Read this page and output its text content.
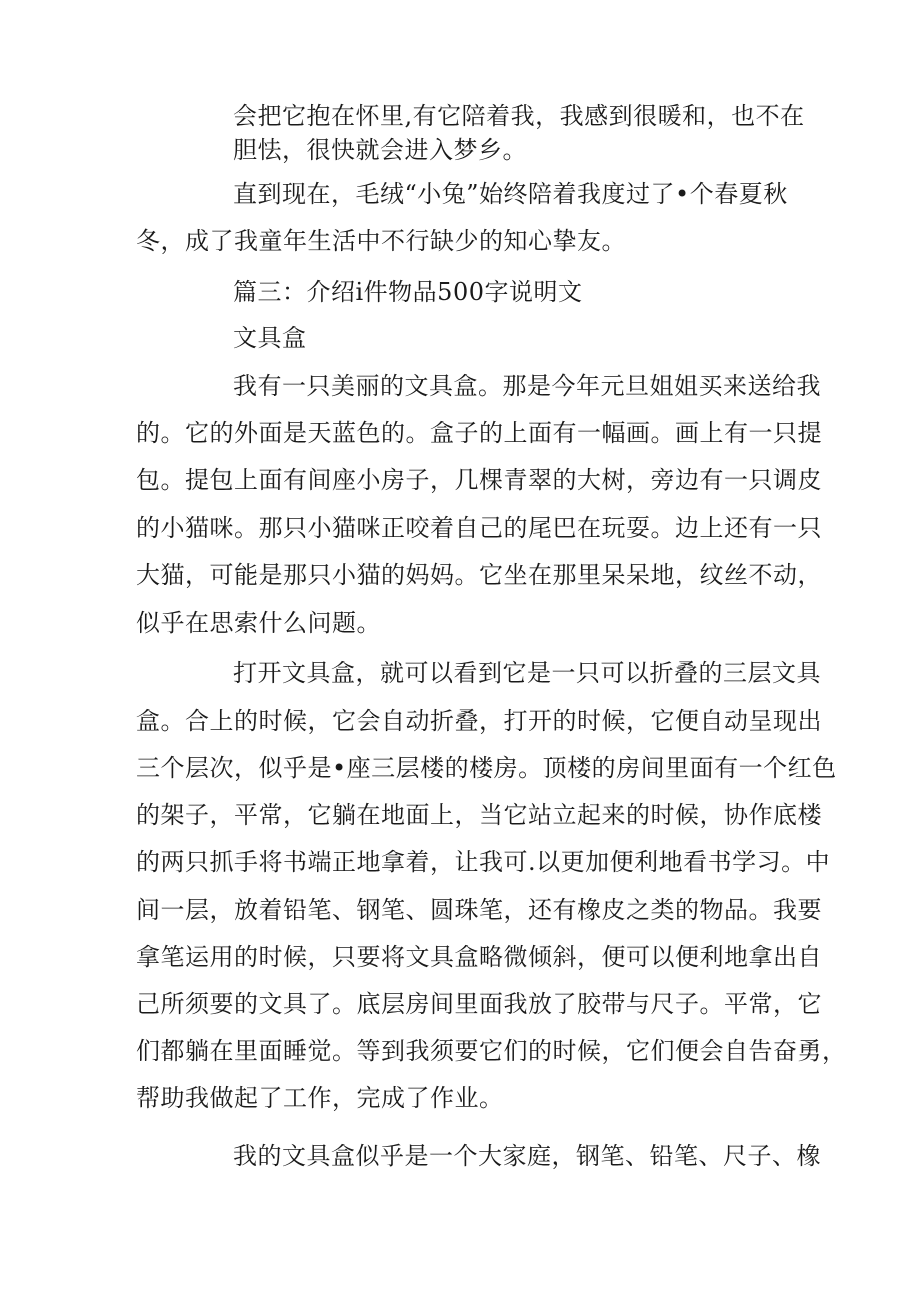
会把它抱在怀里,有它陪着我，我感到很暖和，也不在
胆怯，很快就会进入梦乡。
直到现在，毛绒“小兔”始终陪着我度过了•个春夏秋
冬，成了我童年生活中不行缺少的知心挚友。
篇三：介绍i件物品500字说明文
文具盒
我有一只美丽的文具盒。那是今年元旦姐姐买来送给我
的。它的外面是天蓝色的。盒子的上面有一幅画。画上有一只提
包。提包上面有间座小房子，几棵青翠的大树，旁边有一只调皮
的小猫咪。那只小猫咪正咬着自己的尾巴在玩耍。边上还有一只
大猫，可能是那只小猫的妈妈。它坐在那里呆呆地，纹丝不动，
似乎在思索什么问题。
打开文具盒，就可以看到它是一只可以折叠的三层文具
盒。合上的时候，它会自动折叠，打开的时候，它便自动呈现出
三个层次，似乎是•座三层楼的楼房。顶楼的房间里面有一个红色
的架子，平常，它躺在地面上，当它站立起来的时候，协作底楼
的两只抓手将书端正地拿着，让我可.以更加便利地看书学习。中
间一层，放着铅笔、钢笔、圆珠笔，还有橡皮之类的物品。我要
拿笔运用的时候，只要将文具盒略微倾斜，便可以便利地拿出自
己所须要的文具了。底层房间里面我放了胶带与尺子。平常，它
们都躺在里面睡觉。等到我须要它们的时候，它们便会自告奋勇，
帮助我做起了工作，完成了作业。
我的文具盒似乎是一个大家庭，钢笔、铅笔、尺子、橡
